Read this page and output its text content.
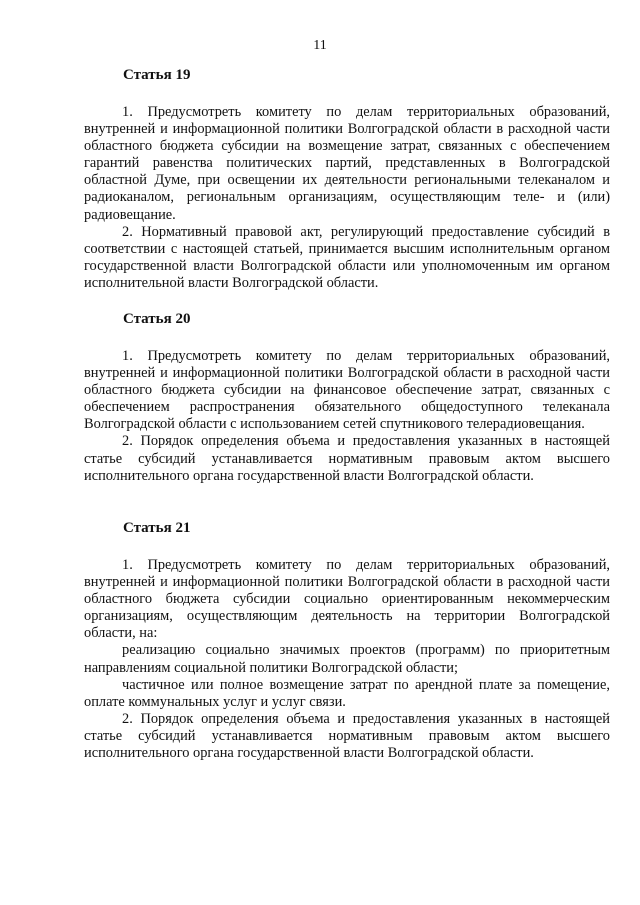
11
Статья 19

1. Предусмотреть комитету по делам территориальных образований, внутренней и информационной политики Волгоградской области в расходной части областного бюджета субсидии на возмещение затрат, связанных с обеспечением гарантий равенства политических партий, представленных в Волгоградской областной Думе, при освещении их деятельности региональными телеканалом и радиоканалом, региональным организациям, осуществляющим теле- и (или) радиовещание.

2. Нормативный правовой акт, регулирующий предоставление субсидий в соответствии с настоящей статьей, принимается высшим исполнительным органом государственной власти Волгоградской области или уполномоченным им органом исполнительной власти Волгоградской области.

Статья 20

1. Предусмотреть комитету по делам территориальных образований, внутренней и информационной политики Волгоградской области в расходной части областного бюджета субсидии на финансовое обеспечение затрат, связанных с обеспечением распространения обязательного общедоступного телеканала Волгоградской области с использованием сетей спутникового телерадиовещания.

2. Порядок определения объема и предоставления указанных в настоящей статье субсидий устанавливается нормативным правовым актом высшего исполнительного органа государственной власти Волгоградской области.

Статья 21

1. Предусмотреть комитету по делам территориальных образований, внутренней и информационной политики Волгоградской области в расходной части областного бюджета субсидии социально ориентированным некоммерческим организациям, осуществляющим деятельность на территории Волгоградской области, на:

реализацию социально значимых проектов (программ) по приоритетным направлениям социальной политики Волгоградской области;

частичное или полное возмещение затрат по арендной плате за помещение, оплате коммунальных услуг и услуг связи.

2. Порядок определения объема и предоставления указанных в настоящей статье субсидий устанавливается нормативным правовым актом высшего исполнительного органа государственной власти Волгоградской области.
